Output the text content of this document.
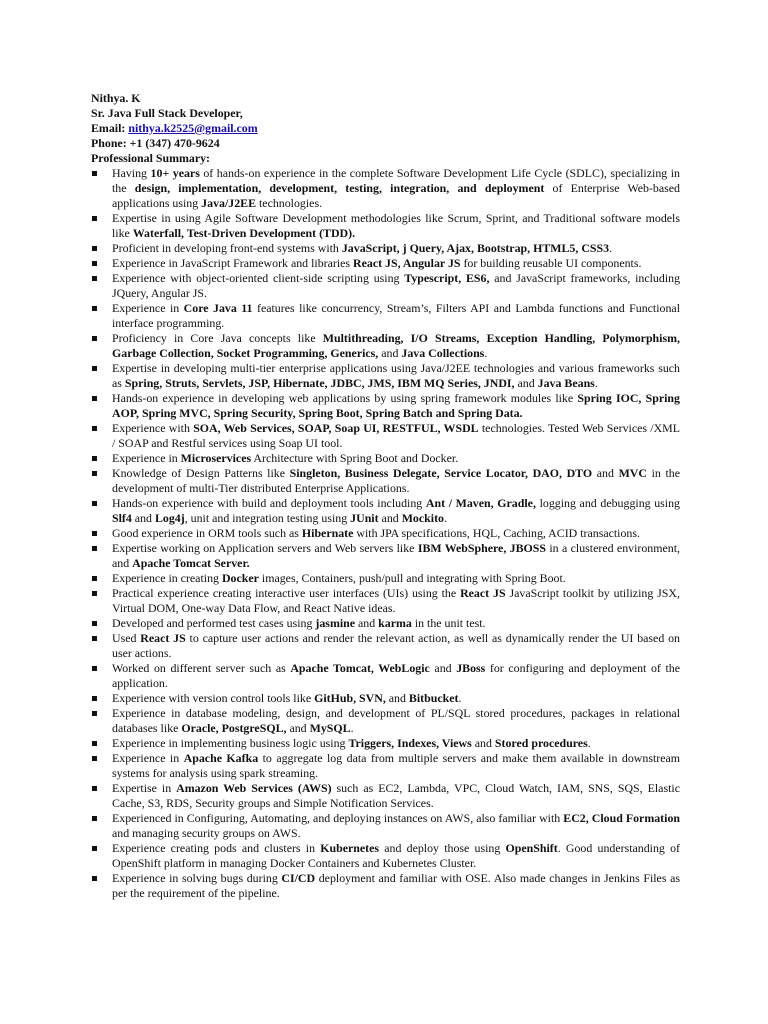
Nithya. K
Sr. Java Full Stack Developer,
Email: nithya.k2525@gmail.com
Phone: +1 (347) 470-9624
Professional Summary:
Having 10+ years of hands-on experience in the complete Software Development Life Cycle (SDLC), specializing in the design, implementation, development, testing, integration, and deployment of Enterprise Web-based applications using Java/J2EE technologies.
Expertise in using Agile Software Development methodologies like Scrum, Sprint, and Traditional software models like Waterfall, Test-Driven Development (TDD).
Proficient in developing front-end systems with JavaScript, j Query, Ajax, Bootstrap, HTML5, CSS3.
Experience in JavaScript Framework and libraries React JS, Angular JS for building reusable UI components.
Experience with object-oriented client-side scripting using Typescript, ES6, and JavaScript frameworks, including JQuery, Angular JS.
Experience in Core Java 11 features like concurrency, Stream’s, Filters API and Lambda functions and Functional interface programming.
Proficiency in Core Java concepts like Multithreading, I/O Streams, Exception Handling, Polymorphism, Garbage Collection, Socket Programming, Generics, and Java Collections.
Expertise in developing multi-tier enterprise applications using Java/J2EE technologies and various frameworks such as Spring, Struts, Servlets, JSP, Hibernate, JDBC, JMS, IBM MQ Series, JNDI, and Java Beans.
Hands-on experience in developing web applications by using spring framework modules like Spring IOC, Spring AOP, Spring MVC, Spring Security, Spring Boot, Spring Batch and Spring Data.
Experience with SOA, Web Services, SOAP, Soap UI, RESTFUL, WSDL technologies. Tested Web Services /XML / SOAP and Restful services using Soap UI tool.
Experience in Microservices Architecture with Spring Boot and Docker.
Knowledge of Design Patterns like Singleton, Business Delegate, Service Locator, DAO, DTO and MVC in the development of multi-Tier distributed Enterprise Applications.
Hands-on experience with build and deployment tools including Ant / Maven, Gradle, logging and debugging using Slf4 and Log4j, unit and integration testing using JUnit and Mockito.
Good experience in ORM tools such as Hibernate with JPA specifications, HQL, Caching, ACID transactions.
Expertise working on Application servers and Web servers like IBM WebSphere, JBOSS in a clustered environment, and Apache Tomcat Server.
Experience in creating Docker images, Containers, push/pull and integrating with Spring Boot.
Practical experience creating interactive user interfaces (UIs) using the React JS JavaScript toolkit by utilizing JSX, Virtual DOM, One-way Data Flow, and React Native ideas.
Developed and performed test cases using jasmine and karma in the unit test.
Used React JS to capture user actions and render the relevant action, as well as dynamically render the UI based on user actions.
Worked on different server such as Apache Tomcat, WebLogic and JBoss for configuring and deployment of the application.
Experience with version control tools like GitHub, SVN, and Bitbucket.
Experience in database modeling, design, and development of PL/SQL stored procedures, packages in relational databases like Oracle, PostgreSQL, and MySQL.
Experience in implementing business logic using Triggers, Indexes, Views and Stored procedures.
Experience in Apache Kafka to aggregate log data from multiple servers and make them available in downstream systems for analysis using spark streaming.
Expertise in Amazon Web Services (AWS) such as EC2, Lambda, VPC, Cloud Watch, IAM, SNS, SQS, Elastic Cache, S3, RDS, Security groups and Simple Notification Services.
Experienced in Configuring, Automating, and deploying instances on AWS, also familiar with EC2, Cloud Formation and managing security groups on AWS.
Experience creating pods and clusters in Kubernetes and deploy those using OpenShift. Good understanding of OpenShift platform in managing Docker Containers and Kubernetes Cluster.
Experience in solving bugs during CI/CD deployment and familiar with OSE. Also made changes in Jenkins Files as per the requirement of the pipeline.
